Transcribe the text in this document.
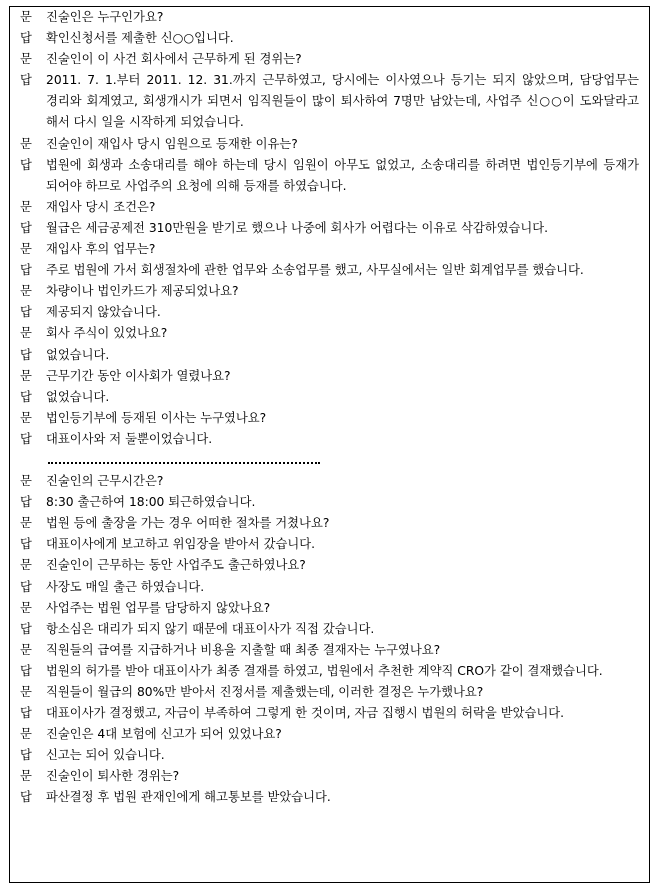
문 진술인은 누구인가요?
답 확인신청서를 제출한 신○○입니다.
문 진술인이 이 사건 회사에서 근무하게 된 경위는?
답 2011. 7. 1.부터 2011. 12. 31.까지 근무하였고, 당시에는 이사였으나 등기는 되지 않았으며, 담당업무는 경리와 회계였고, 회생개시가 되면서 임직원들이 많이 퇴사하여 7명만 남았는데, 사업주 신○○이 도와달라고 해서 다시 일을 시작하게 되었습니다.
문 진술인이 재입사 당시 임원으로 등재한 이유는?
답 법원에 회생과 소송대리를 해야 하는데 당시 임원이 아무도 없었고, 소송대리를 하려면 법인등기부에 등재가 되어야 하므로 사업주의 요청에 의해 등재를 하였습니다.
문 재입사 당시 조건은?
답 월급은 세금공제전 310만원을 받기로 했으나 나중에 회사가 어렵다는 이유로 삭감하였습니다.
문 재입사 후의 업무는?
답 주로 법원에 가서 회생절차에 관한 업무와 소송업무를 했고, 사무실에서는 일반 회계업무를 했습니다.
문 차량이나 법인카드가 제공되었나요?
답 제공되지 않았습니다.
문 회사 주식이 있었나요?
답 없었습니다.
문 근무기간 동안 이사회가 열렸나요?
답 없었습니다.
문 법인등기부에 등재된 이사는 누구였나요?
답 대표이사와 저 둘뿐이었습니다.
문 진술인의 근무시간은?
답 8:30 출근하여 18:00 퇴근하였습니다.
문 법원 등에 출장을 가는 경우 어떠한 절차를 거쳤나요?
답 대표이사에게 보고하고 위임장을 받아서 갔습니다.
문 진술인이 근무하는 동안 사업주도 출근하였나요?
답 사장도 매일 출근 하였습니다.
문 사업주는 법원 업무를 담당하지 않았나요?
답 항소심은 대리가 되지 않기 때문에 대표이사가 직접 갔습니다.
문 직원들의 급여를 지급하거나 비용을 지출할 때 최종 결재자는 누구였나요?
답 법원의 허가를 받아 대표이사가 최종 결재를 하였고, 법원에서 추천한 계약직 CRO가 같이 결재했습니다.
문 직원들이 월급의 80%만 받아서 진정서를 제출했는데, 이러한 결정은 누가했나요?
답 대표이사가 결정했고, 자금이 부족하여 그렇게 한 것이며, 자금 집행시 법원의 허락을 받았습니다.
문 진술인은 4대 보험에 신고가 되어 있었나요?
답 신고는 되어 있습니다.
문 진술인이 퇴사한 경위는?
답 파산결정 후 법원 관재인에게 해고통보를 받았습니다.
